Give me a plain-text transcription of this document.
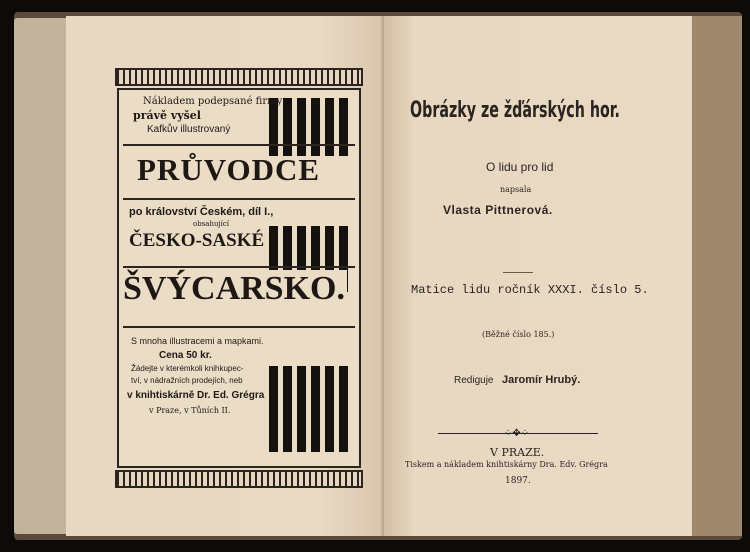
Nákladem podepsané firmy
právě vyšel
Kafkův illustrovaný
PRŮVODCE
po království Českém, díl I.,
obsahující
ČESKO-SASKÉ
ŠVÝCARSKO.
S mnoha illustracemi a mapkami.
Cena 50 kr.
Žádejte v kterémkoli knihkupec-
tví, v nádražních prodejích, neb
v knihtiskárně Dr. Ed. Grégra
v Praze, v Tůních II.
Obrázky ze žďárských hor.
O lidu pro lid
napsala
Vlasta Pittnerová.
Matice lidu ročník XXXI. číslo 5.
(Běžné číslo 185.)
Rediguje Jaromír Hrubý.
⁘✥⁘
V PRAZE.
Tiskem a nákladem knihtiskárny Dra. Edv. Grégra
1897.
